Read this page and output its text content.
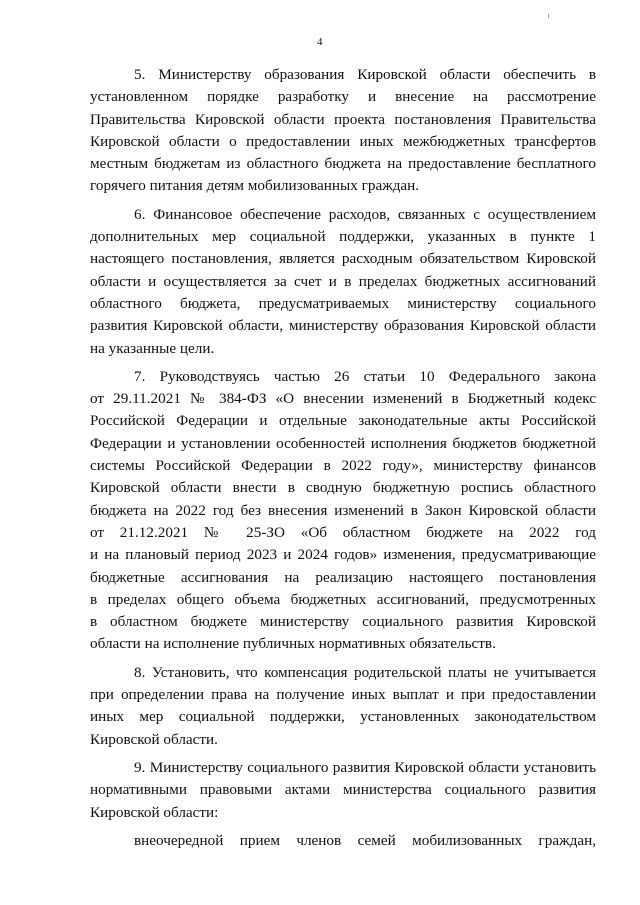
4
5. Министерству образования Кировской области обеспечить в
установленном порядке разработку и внесение на рассмотрение
Правительства Кировской области проекта постановления Правительства
Кировской области о предоставлении иных межбюджетных трансфертов
местным бюджетам из областного бюджета на предоставление бесплатного
горячего питания детям мобилизованных граждан.
6. Финансовое обеспечение расходов, связанных с осуществлением
дополнительных мер социальной поддержки, указанных в пункте 1
настоящего постановления, является расходным обязательством Кировской
области и осуществляется за счет и в пределах бюджетных ассигнований
областного бюджета, предусматриваемых министерству социального
развития Кировской области, министерству образования Кировской области
на указанные цели.
7. Руководствуясь частью 26 статьи 10 Федерального закона
от 29.11.2021 № 384-ФЗ «О внесении изменений в Бюджетный кодекс
Российской Федерации и отдельные законодательные акты Российской
Федерации и установлении особенностей исполнения бюджетов бюджетной
системы Российской Федерации в 2022 году», министерству финансов
Кировской области внести в сводную бюджетную роспись областного
бюджета на 2022 год без внесения изменений в Закон Кировской области
от 21.12.2021 № 25-ЗО «Об областном бюджете на 2022 год
и на плановый период 2023 и 2024 годов» изменения, предусматривающие
бюджетные ассигнования на реализацию настоящего постановления
в пределах общего объема бюджетных ассигнований, предусмотренных
в областном бюджете министерству социального развития Кировской
области на исполнение публичных нормативных обязательств.
8. Установить, что компенсация родительской платы не учитывается
при определении права на получение иных выплат и при предоставлении
иных мер социальной поддержки, установленных законодательством
Кировской области.
9. Министерству социального развития Кировской области установить
нормативными правовыми актами министерства социального развития
Кировской области:
внеочередной прием членов семей мобилизованных граждан,
